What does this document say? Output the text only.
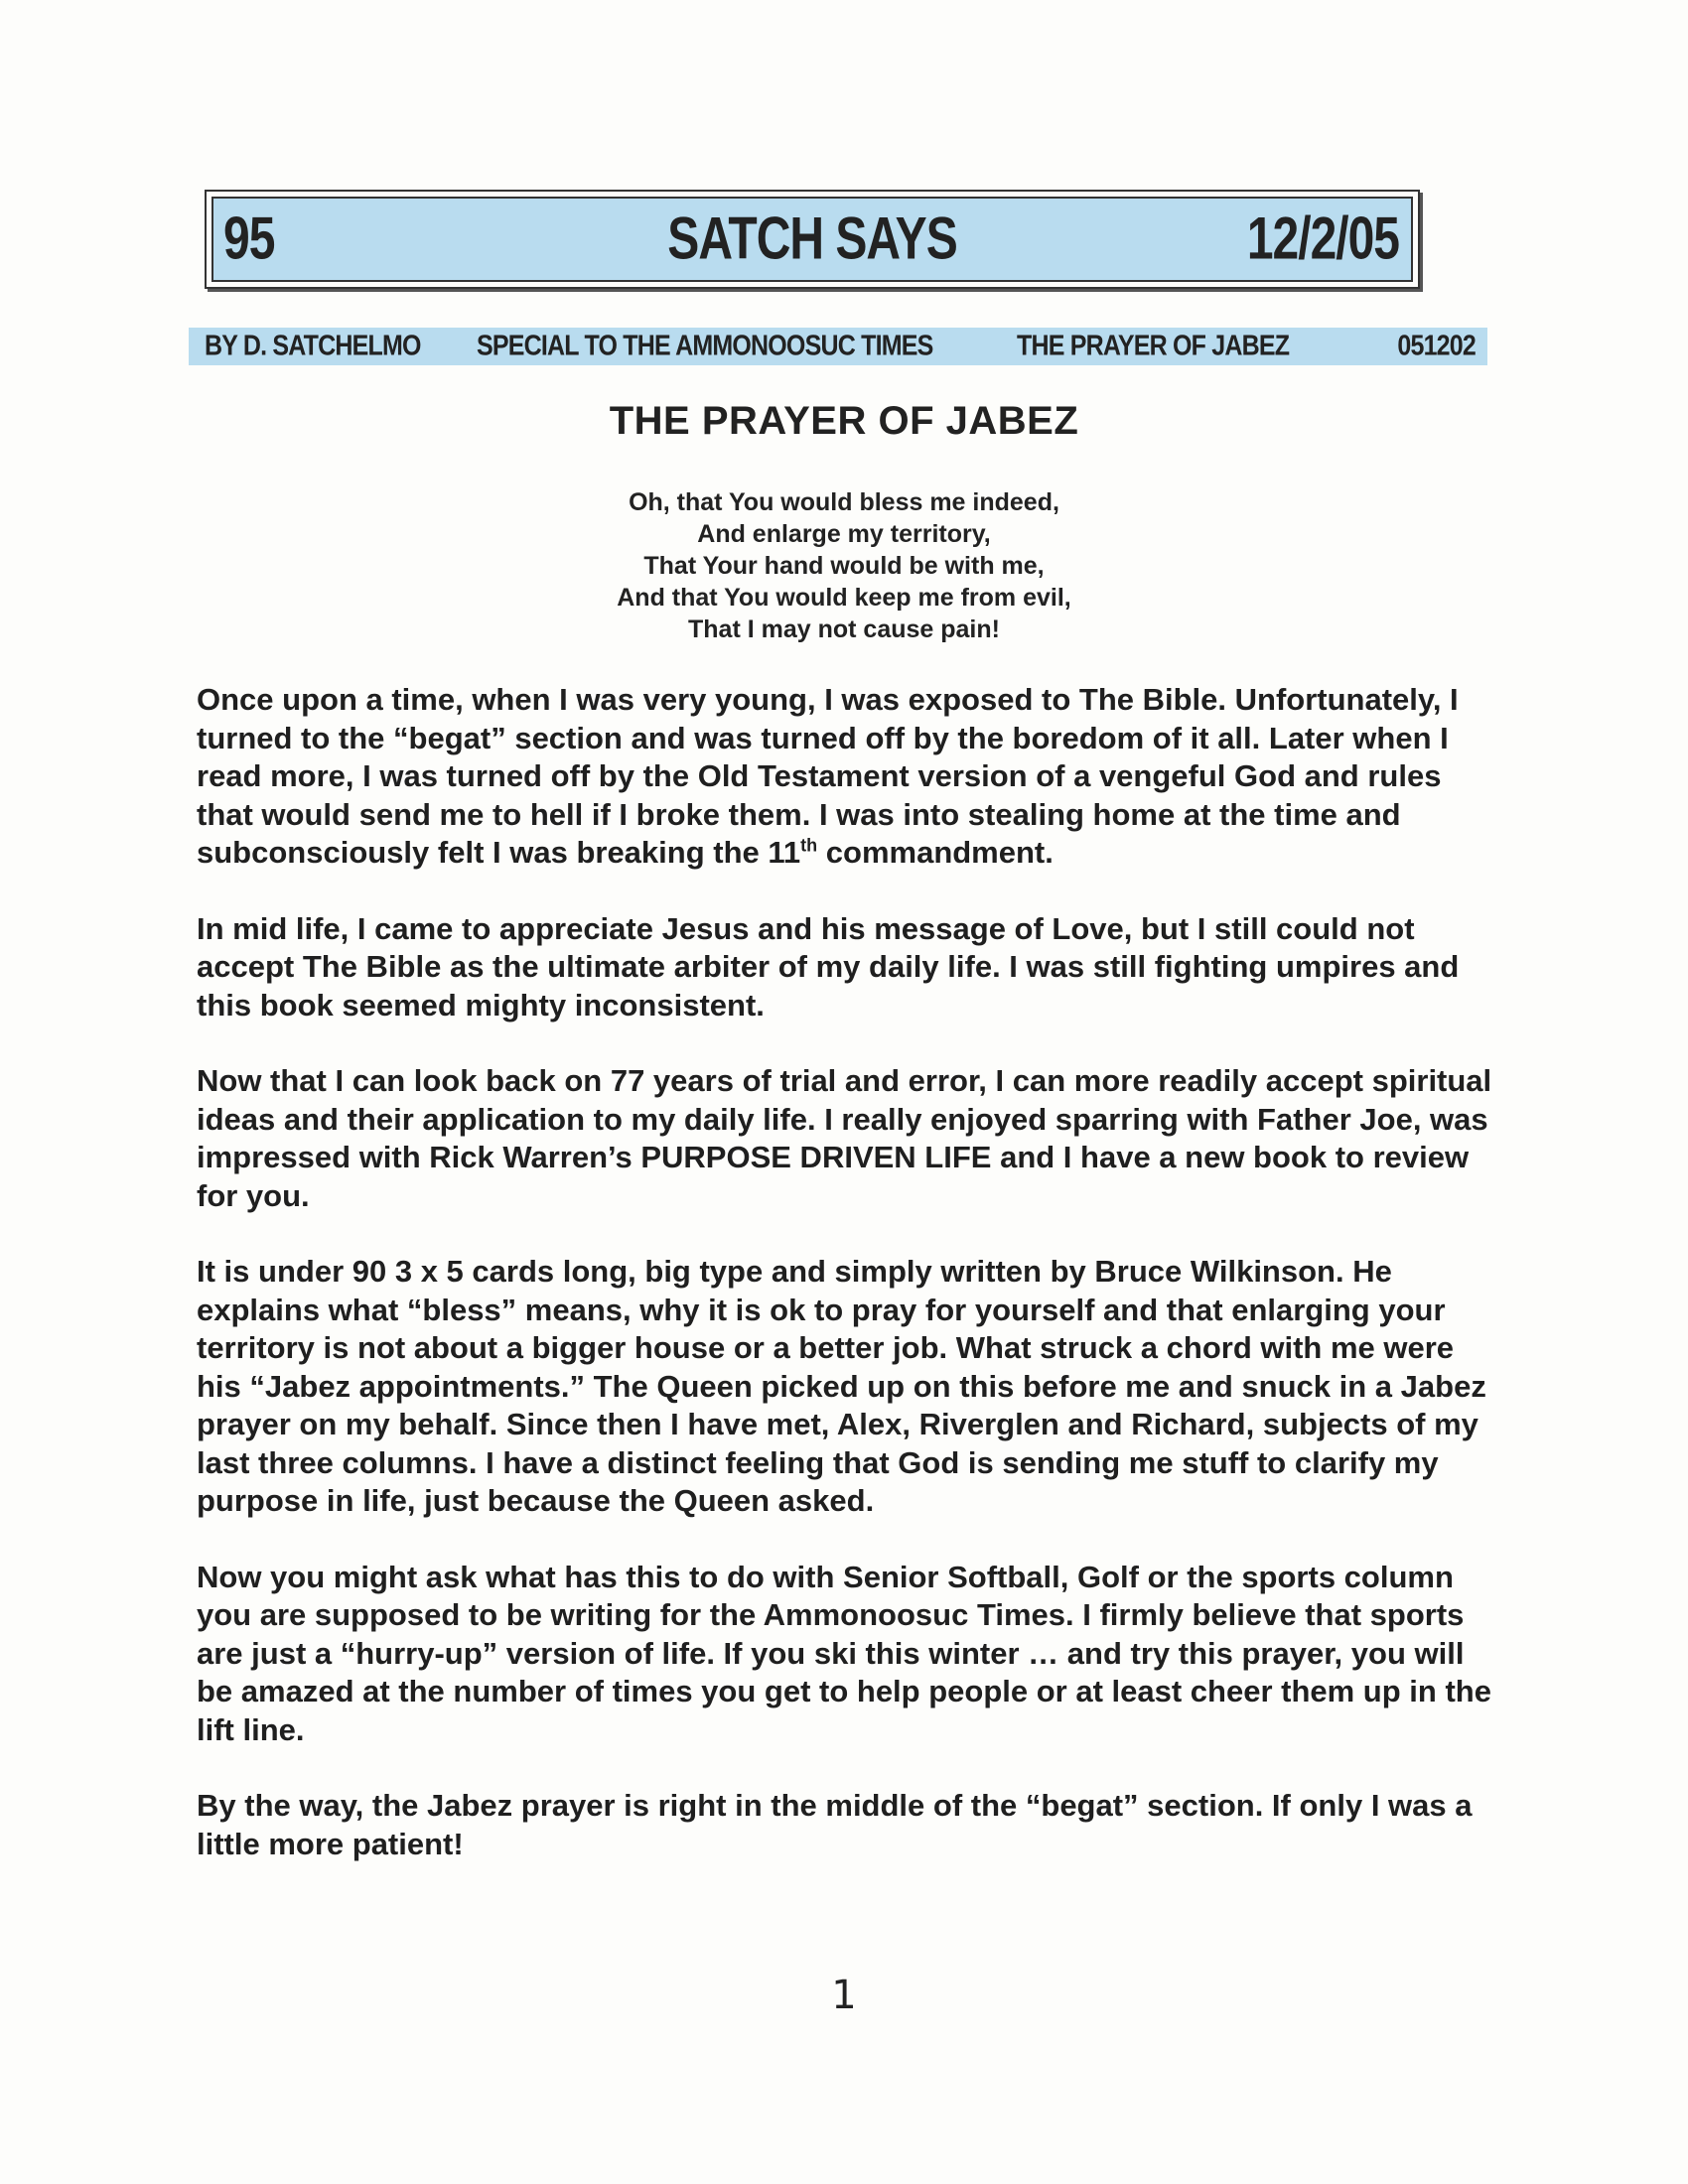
95	SATCH SAYS	12/2/05
BY D. SATCHELMO SPECIAL TO THE AMMONOOSUC TIMES	THE PRAYER OF JABEZ	051202
THE PRAYER OF JABEZ
Oh, that You would bless me indeed,
And enlarge my territory,
That Your hand would be with me,
And that You would keep me from evil,
That I may not cause pain!

Once upon a time, when I was very young, I was exposed to The Bible. Unfortunately, I turned to the “begat” section and was turned off by the boredom of it all. Later when I read more, I was turned off by the Old Testament version of a vengeful God and rules that would send me to hell if I broke them. I was into stealing home at the time and subconsciously felt I was breaking the 11th commandment.

In mid life, I came to appreciate Jesus and his message of Love, but I still could not accept The Bible as the ultimate arbiter of my daily life. I was still fighting umpires and this book seemed mighty inconsistent.

Now that I can look back on 77 years of trial and error, I can more readily accept spiritual ideas and their application to my daily life. I really enjoyed sparring with Father Joe, was impressed with Rick Warren’s PURPOSE DRIVEN LIFE and I have a new book to review for you.

It is under 90 3 x 5 cards long, big type and simply written by Bruce Wilkinson. He explains what “bless” means, why it is ok to pray for yourself and that enlarging your territory is not about a bigger house or a better job. What struck a chord with me were his “Jabez appointments.” The Queen picked up on this before me and snuck in a Jabez prayer on my behalf. Since then I have met, Alex, Riverglen and Richard, subjects of my last three columns. I have a distinct feeling that God is sending me stuff to clarify my purpose in life, just because the Queen asked.

Now you might ask what has this to do with Senior Softball, Golf or the sports column you are supposed to be writing for the Ammonoosuc Times. I firmly believe that sports are just a “hurry-up” version of life. If you ski this winter … and try this prayer, you will be amazed at the number of times you get to help people or at least cheer them up in the lift line.

By the way, the Jabez prayer is right in the middle of the “begat” section. If only I was a little more patient!

1
